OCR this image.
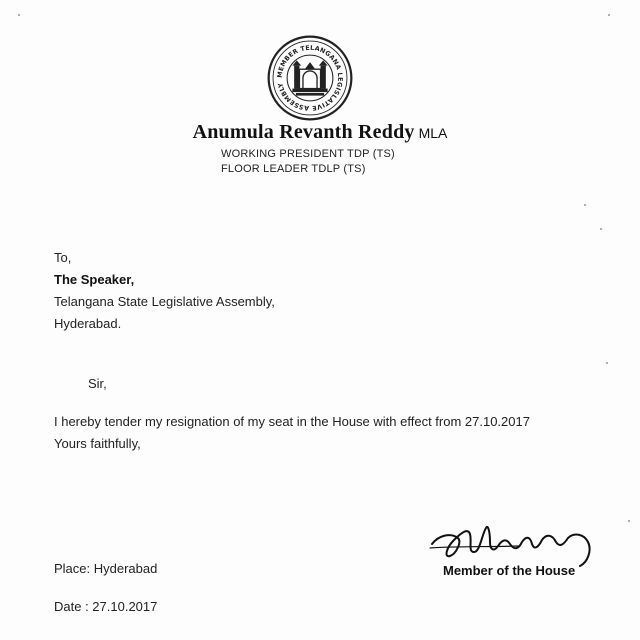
MEMBER TELANGANA LEGISLATIVE ASSEMBLY
Anumula Revanth Reddy MLA
WORKING PRESIDENT TDP (TS)
FLOOR LEADER TDLP (TS)
To,
The Speaker,
Telangana State Legislative Assembly,
Hyderabad.
Sir,
I hereby tender my resignation of my seat in the House with effect from 27.10.2017
Yours faithfully,
Place: Hyderabad	Member of the House
Date : 27.10.2017
